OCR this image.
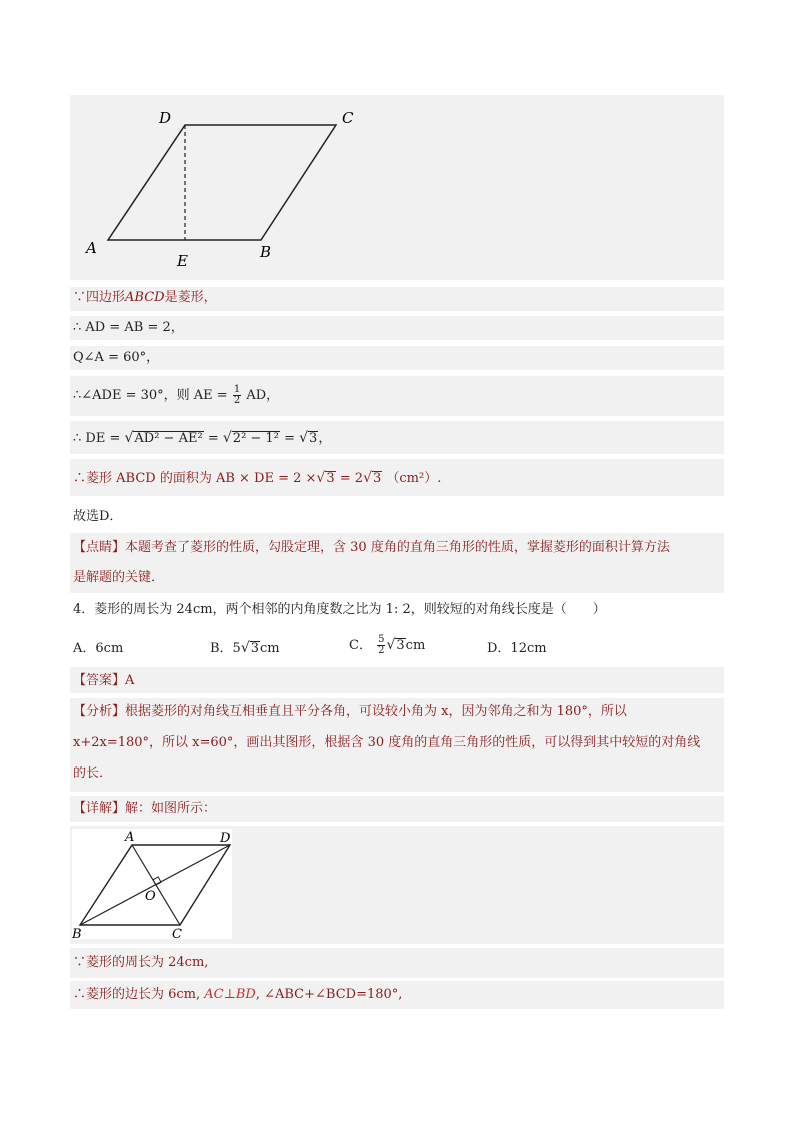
D	C
A	B
E
∵四边形ABCD是菱形，
∴ AD = AB = 2，
Q∠A = 60°，
∴∠ADE = 30°，则 AE = $\frac{1}{2}$ AD，
∴ DE = √AD² − AE² = √2² − 1² = √3，
∴菱形 ABCD 的面积为 AB × DE = 2 ×√3 = 2√3 （cm²）.
故选D．
【点睛】本题考查了菱形的性质，勾股定理，含 30 度角的直角三角形的性质，掌握菱形的面积计算方法
是解题的关键．
4．菱形的周长为 24cm，两个相邻的内角度数之比为 1: 2，则较短的对角线长度是（　　）
A．6cm	B．5√3cm	C． $\frac{5}{2} √3cm$	D．12cm
【答案】A
【分析】根据菱形的对角线互相垂直且平分各角，可设较小角为 x，因为邻角之和为 180°，所以
x+2x=180°，所以 x=60°，画出其图形，根据含 30 度角的直角三角形的性质，可以得到其中较短的对角线
的长．
【详解】解：如图所示：
A	D
B	C
O
∵菱形的周长为 24cm,
∴菱形的边长为 6cm, AC⊥BD, ∠ABC+∠BCD=180°,
